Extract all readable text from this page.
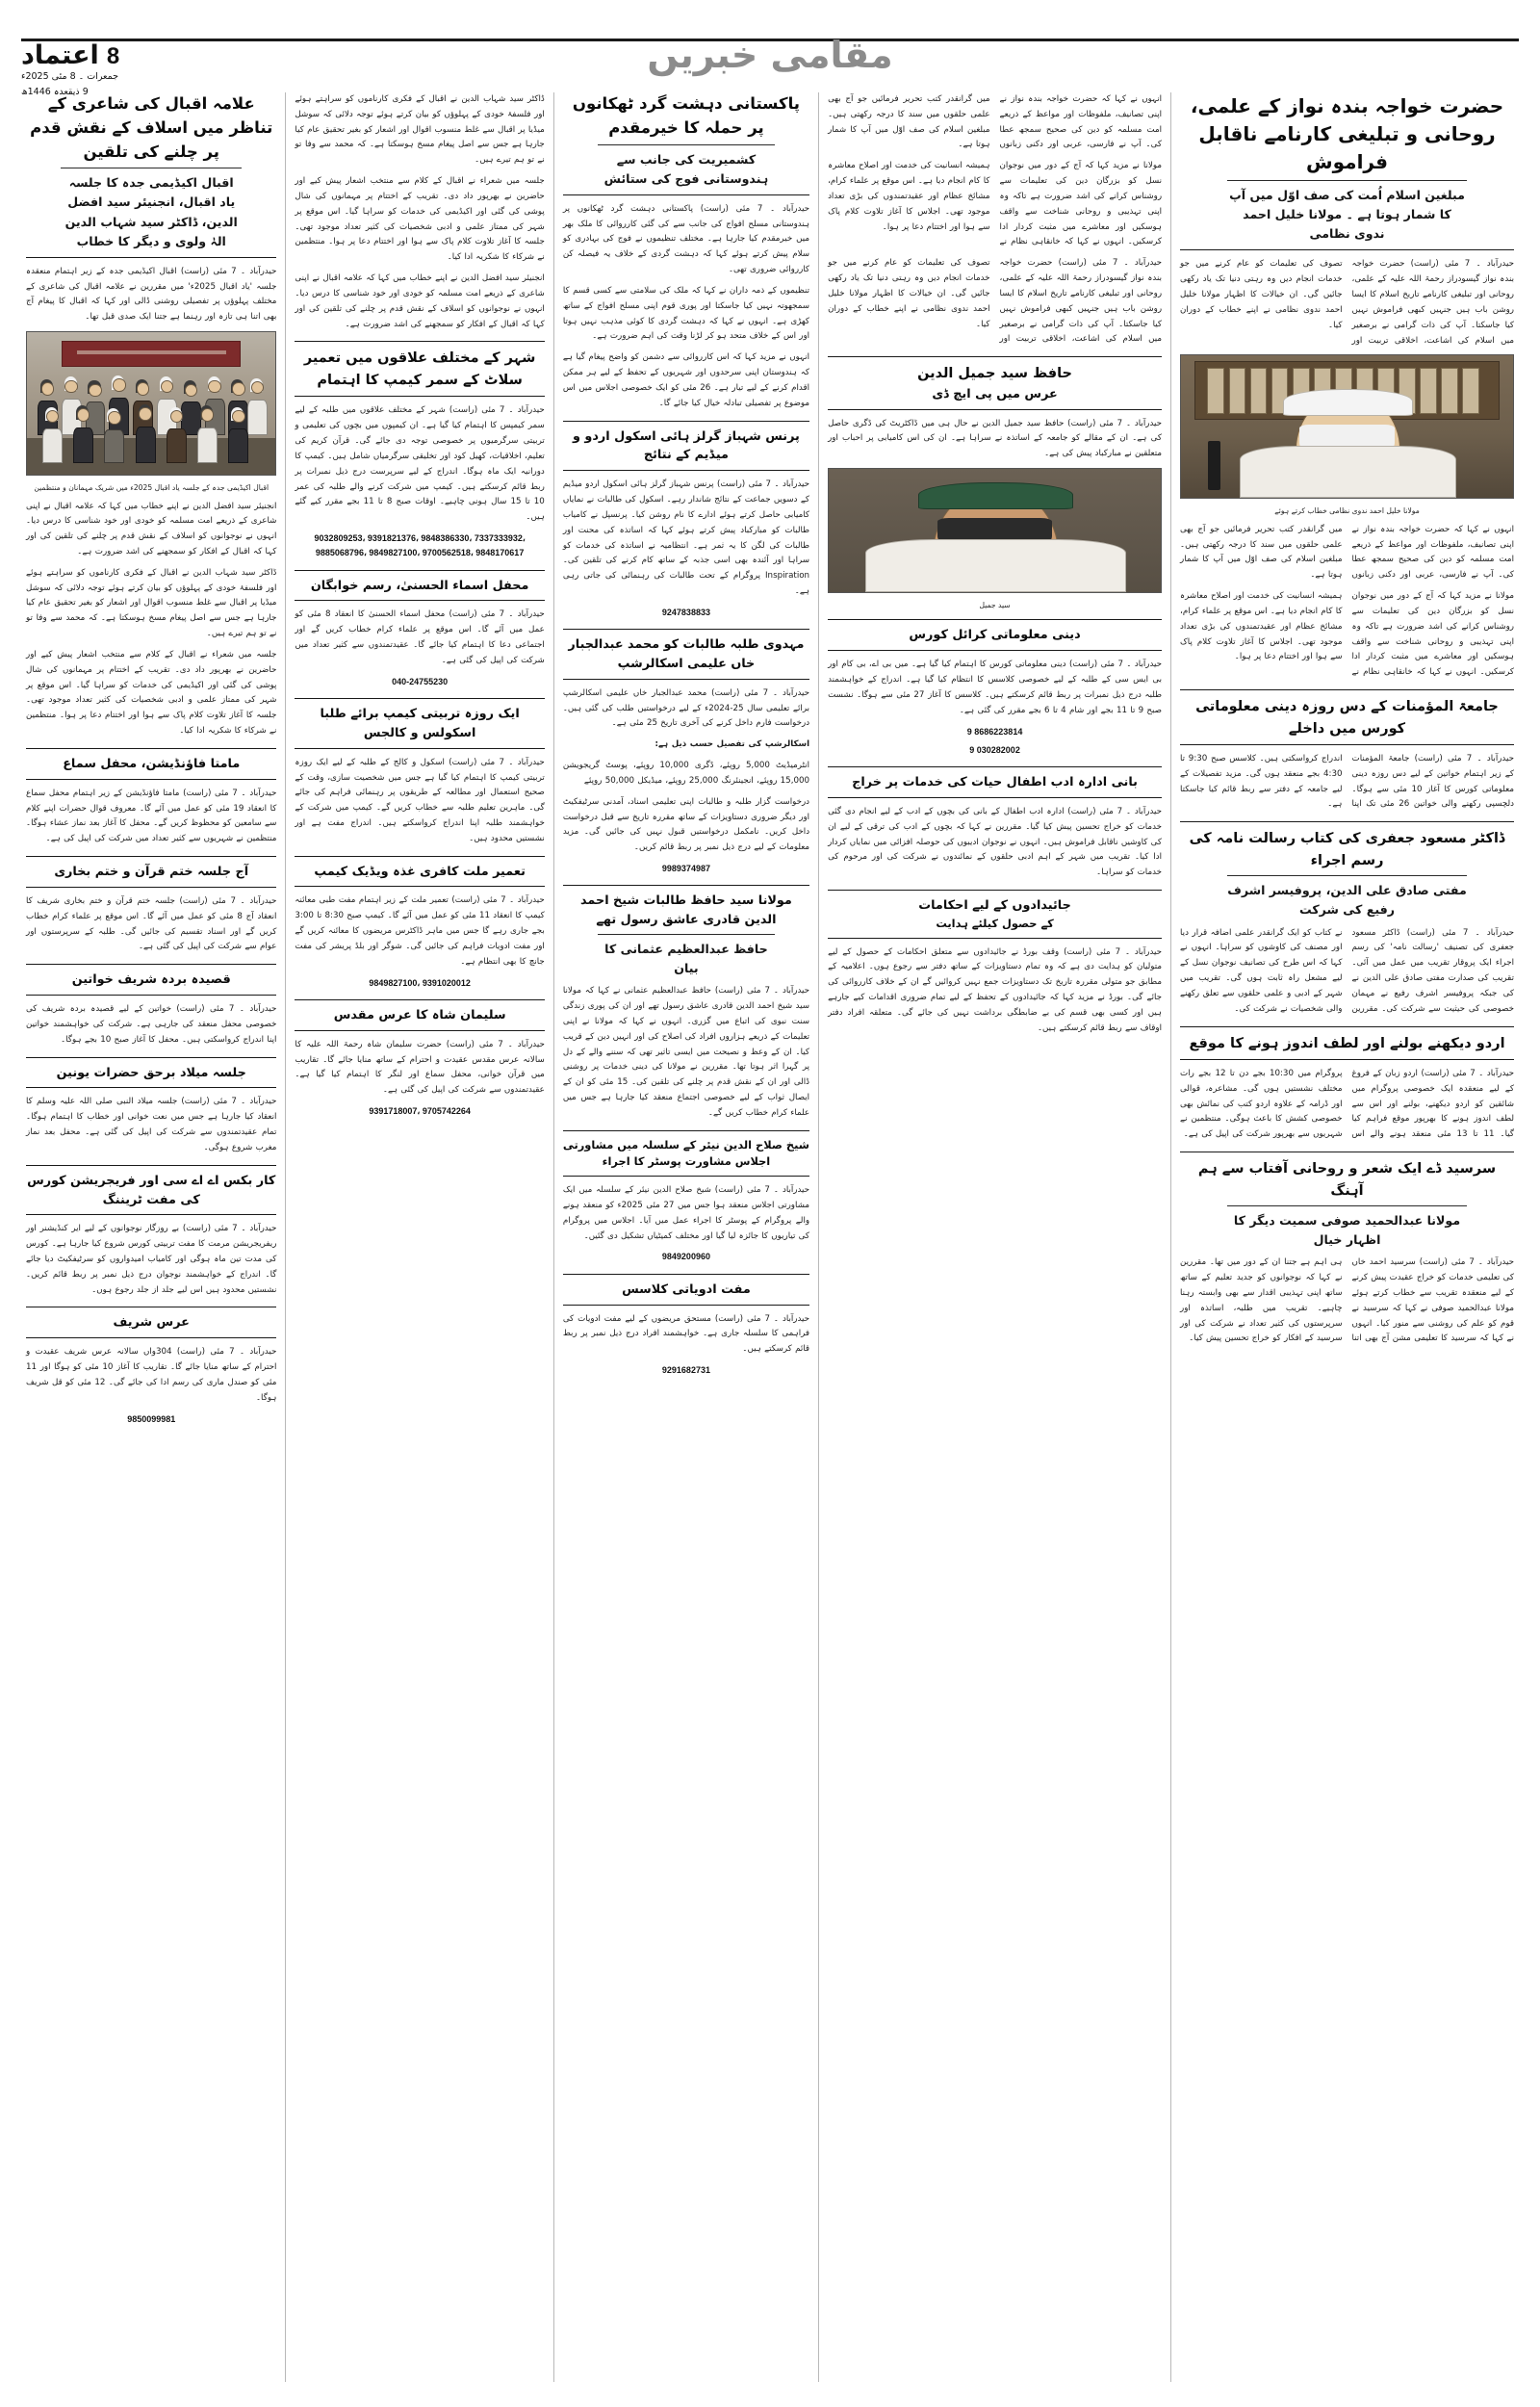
8
اعتماد
جمعرات ۔ 8 مئی 2025ء
9 ذیقعدہ 1446ھ
مقامی خبریں
حضرت خواجہ بندہ نواز کے علمی، روحانی و تبلیغی کارنامے ناقابل فراموش
مبلغین اسلام اُمت کی صف اوّل میں آپ کا شمار ہوتا ہے ۔ مولانا خلیل احمد ندوی نظامی
حیدرآباد ۔ 7 مئی (راست) حضرت خواجہ بندہ نواز گیسودراز رحمۃ اللہ علیہ کے علمی، روحانی اور تبلیغی کارنامے تاریخ اسلام کا ایسا روشن باب ہیں جنہیں کبھی فراموش نہیں کیا جاسکتا۔ آپ کی ذات گرامی نے برصغیر میں اسلام کی اشاعت، اخلاقی تربیت اور تصوف کی تعلیمات کو عام کرنے میں جو خدمات انجام دیں وہ رہتی دنیا تک یاد رکھی جائیں گی۔ ان خیالات کا اظہار مولانا خلیل احمد ندوی نظامی نے اپنے خطاب کے دوران کیا۔
مولانا خلیل احمد ندوی نظامی خطاب کرتے ہوئے
انہوں نے کہا کہ حضرت خواجہ بندہ نواز نے اپنی تصانیف، ملفوظات اور مواعظ کے ذریعے امت مسلمہ کو دین کی صحیح سمجھ عطا کی۔ آپ نے فارسی، عربی اور دکنی زبانوں میں گرانقدر کتب تحریر فرمائیں جو آج بھی علمی حلقوں میں سند کا درجہ رکھتی ہیں۔ مبلغین اسلام کی صف اوّل میں آپ کا شمار ہوتا ہے۔
مولانا نے مزید کہا کہ آج کے دور میں نوجوان نسل کو بزرگان دین کی تعلیمات سے روشناس کرانے کی اشد ضرورت ہے تاکہ وہ اپنی تہذیبی و روحانی شناخت سے واقف ہوسکیں اور معاشرے میں مثبت کردار ادا کرسکیں۔ انہوں نے کہا کہ خانقاہی نظام نے ہمیشہ انسانیت کی خدمت اور اصلاح معاشرہ کا کام انجام دیا ہے۔ اس موقع پر علماء کرام، مشائخ عظام اور عقیدتمندوں کی بڑی تعداد موجود تھی۔ اجلاس کا آغاز تلاوت کلام پاک سے ہوا اور اختتام دعا پر ہوا۔
جامعۃ المؤمنات کے دس روزہ دینی معلوماتی کورس میں داخلے
حیدرآباد ۔ 7 مئی (راست) جامعۃ المؤمنات کے زیر اہتمام خواتین کے لیے دس روزہ دینی معلوماتی کورس کا آغاز 10 مئی سے ہوگا۔ دلچسپی رکھنے والی خواتین 26 مئی تک اپنا اندراج کرواسکتی ہیں۔ کلاسس صبح 9:30 تا 4:30 بجے منعقد ہوں گی۔ مزید تفصیلات کے لیے جامعہ کے دفتر سے ربط قائم کیا جاسکتا ہے۔
ڈاکٹر مسعود جعفری کی کتاب رسالت نامہ کی رسم اجراء
مفتی صادق علی الدین، پروفیسر اشرف رفیع کی شرکت
حیدرآباد ۔ 7 مئی (راست) ڈاکٹر مسعود جعفری کی تصنیف 'رسالت نامہ' کی رسم اجراء ایک پروقار تقریب میں عمل میں آئی۔ تقریب کی صدارت مفتی صادق علی الدین نے کی جبکہ پروفیسر اشرف رفیع نے مہمان خصوصی کی حیثیت سے شرکت کی۔ مقررین نے کتاب کو ایک گرانقدر علمی اضافہ قرار دیا اور مصنف کی کاوشوں کو سراہا۔ انہوں نے کہا کہ اس طرح کی تصانیف نوجوان نسل کے لیے مشعل راہ ثابت ہوں گی۔ تقریب میں شہر کے ادبی و علمی حلقوں سے تعلق رکھنے والی شخصیات نے شرکت کی۔
اردو دیکھنے بولنے اور لطف اندوز ہونے کا موقع
حیدرآباد ۔ 7 مئی (راست) اردو زبان کے فروغ کے لیے منعقدہ ایک خصوصی پروگرام میں شائقین کو اردو دیکھنے، بولنے اور اس سے لطف اندوز ہونے کا بھرپور موقع فراہم کیا گیا۔ 11 تا 13 مئی منعقد ہونے والے اس پروگرام میں 10:30 بجے دن تا 12 بجے رات مختلف نشستیں ہوں گی۔ مشاعرہ، قوالی اور ڈرامہ کے علاوہ اردو کتب کی نمائش بھی خصوصی کشش کا باعث ہوگی۔ منتظمین نے شہریوں سے بھرپور شرکت کی اپیل کی ہے۔
سرسید ڈے ایک شعر و روحانی آفتاب سے ہم آہنگ
مولانا عبدالحمید صوفی سمیت دیگر کا اظہار خیال
حیدرآباد ۔ 7 مئی (راست) سرسید احمد خاں کی تعلیمی خدمات کو خراج عقیدت پیش کرنے کے لیے منعقدہ تقریب سے خطاب کرتے ہوئے مولانا عبدالحمید صوفی نے کہا کہ سرسید نے قوم کو علم کی روشنی سے منور کیا۔ انہوں نے کہا کہ سرسید کا تعلیمی مشن آج بھی اتنا ہی اہم ہے جتنا ان کے دور میں تھا۔ مقررین نے کہا کہ نوجوانوں کو جدید تعلیم کے ساتھ ساتھ اپنی تہذیبی اقدار سے بھی وابستہ رہنا چاہیے۔ تقریب میں طلبہ، اساتذہ اور سرپرستوں کی کثیر تعداد نے شرکت کی اور سرسید کے افکار کو خراج تحسین پیش کیا۔
انہوں نے کہا کہ حضرت خواجہ بندہ نواز نے اپنی تصانیف، ملفوظات اور مواعظ کے ذریعے امت مسلمہ کو دین کی صحیح سمجھ عطا کی۔ آپ نے فارسی، عربی اور دکنی زبانوں میں گرانقدر کتب تحریر فرمائیں جو آج بھی علمی حلقوں میں سند کا درجہ رکھتی ہیں۔ مبلغین اسلام کی صف اوّل میں آپ کا شمار ہوتا ہے۔
مولانا نے مزید کہا کہ آج کے دور میں نوجوان نسل کو بزرگان دین کی تعلیمات سے روشناس کرانے کی اشد ضرورت ہے تاکہ وہ اپنی تہذیبی و روحانی شناخت سے واقف ہوسکیں اور معاشرے میں مثبت کردار ادا کرسکیں۔ انہوں نے کہا کہ خانقاہی نظام نے ہمیشہ انسانیت کی خدمت اور اصلاح معاشرہ کا کام انجام دیا ہے۔ اس موقع پر علماء کرام، مشائخ عظام اور عقیدتمندوں کی بڑی تعداد موجود تھی۔ اجلاس کا آغاز تلاوت کلام پاک سے ہوا اور اختتام دعا پر ہوا۔
حیدرآباد ۔ 7 مئی (راست) حضرت خواجہ بندہ نواز گیسودراز رحمۃ اللہ علیہ کے علمی، روحانی اور تبلیغی کارنامے تاریخ اسلام کا ایسا روشن باب ہیں جنہیں کبھی فراموش نہیں کیا جاسکتا۔ آپ کی ذات گرامی نے برصغیر میں اسلام کی اشاعت، اخلاقی تربیت اور تصوف کی تعلیمات کو عام کرنے میں جو خدمات انجام دیں وہ رہتی دنیا تک یاد رکھی جائیں گی۔ ان خیالات کا اظہار مولانا خلیل احمد ندوی نظامی نے اپنے خطاب کے دوران کیا۔
حافظ سید جمیل الدین
عرس میں پی ایچ ڈی
حیدرآباد ۔ 7 مئی (راست) حافظ سید جمیل الدین نے حال ہی میں ڈاکٹریٹ کی ڈگری حاصل کی ہے۔ ان کے مقالے کو جامعہ کے اساتذہ نے سراہا ہے۔ ان کی اس کامیابی پر احباب اور متعلقین نے مبارکباد پیش کی ہے۔
سید جمیل
دینی معلوماتی کرائل کورس
حیدرآباد ۔ 7 مئی (راست) دینی معلوماتی کورس کا اہتمام کیا گیا ہے۔ میں بی اے، بی کام اور بی ایس سی کے طلبہ کے لیے خصوصی کلاسس کا انتظام کیا گیا ہے۔ اندراج کے خواہشمند طلبہ درج ذیل نمبرات پر ربط قائم کرسکتے ہیں۔ کلاسس کا آغاز 27 مئی سے ہوگا۔ نشست صبح 9 تا 11 بجے اور شام 4 تا 6 بجے مقرر کی گئی ہے۔
9 8686223814
9 030282002
بانی ادارہ ادب اطفال حیات کی خدمات پر خراج
حیدرآباد ۔ 7 مئی (راست) ادارہ ادب اطفال کے بانی کی بچوں کے ادب کے لیے انجام دی گئی خدمات کو خراج تحسین پیش کیا گیا۔ مقررین نے کہا کہ بچوں کے ادب کی ترقی کے لیے ان کی کاوشیں ناقابل فراموش ہیں۔ انہوں نے نوجوان ادیبوں کی حوصلہ افزائی میں نمایاں کردار ادا کیا۔ تقریب میں شہر کے اہم ادبی حلقوں کے نمائندوں نے شرکت کی اور مرحوم کی خدمات کو سراہا۔
جائیدادوں کے لیے احکامات
کے حصول کیلئے ہدایت
حیدرآباد ۔ 7 مئی (راست) وقف بورڈ نے جائیدادوں سے متعلق احکامات کے حصول کے لیے متولیان کو ہدایت دی ہے کہ وہ تمام دستاویزات کے ساتھ دفتر سے رجوع ہوں۔ اعلامیہ کے مطابق جو متولی مقررہ تاریخ تک دستاویزات جمع نہیں کروائیں گے ان کے خلاف کارروائی کی جائے گی۔ بورڈ نے مزید کہا کہ جائیدادوں کے تحفظ کے لیے تمام ضروری اقدامات کیے جارہے ہیں اور کسی بھی قسم کی بے ضابطگی برداشت نہیں کی جائے گی۔ متعلقہ افراد دفتر اوقاف سے ربط قائم کرسکتے ہیں۔
پاکستانی دہشت گرد ٹھکانوں پر حملہ کا خیرمقدم
کشمیریت کی جانب سے ہندوستانی فوج کی ستائش
حیدرآباد ۔ 7 مئی (راست) پاکستانی دہشت گرد ٹھکانوں پر ہندوستانی مسلح افواج کی جانب سے کی گئی کارروائی کا ملک بھر میں خیرمقدم کیا جارہا ہے۔ مختلف تنظیموں نے فوج کی بہادری کو سلام پیش کرتے ہوئے کہا کہ دہشت گردی کے خلاف یہ فیصلہ کن کارروائی ضروری تھی۔
تنظیموں کے ذمہ داران نے کہا کہ ملک کی سلامتی سے کسی قسم کا سمجھوتہ نہیں کیا جاسکتا اور پوری قوم اپنی مسلح افواج کے ساتھ کھڑی ہے۔ انہوں نے کہا کہ دہشت گردی کا کوئی مذہب نہیں ہوتا اور اس کے خلاف متحد ہو کر لڑنا وقت کی اہم ضرورت ہے۔
انہوں نے مزید کہا کہ اس کارروائی سے دشمن کو واضح پیغام گیا ہے کہ ہندوستان اپنی سرحدوں اور شہریوں کے تحفظ کے لیے ہر ممکن اقدام کرنے کے لیے تیار ہے۔ 26 مئی کو ایک خصوصی اجلاس میں اس موضوع پر تفصیلی تبادلہ خیال کیا جائے گا۔
پرنس شہباز گرلز ہائی اسکول اردو و میڈیم کے نتائج
حیدرآباد ۔ 7 مئی (راست) پرنس شہباز گرلز ہائی اسکول اردو میڈیم کے دسویں جماعت کے نتائج شاندار رہے۔ اسکول کی طالبات نے نمایاں کامیابی حاصل کرتے ہوئے ادارے کا نام روشن کیا۔ پرنسپل نے کامیاب طالبات کو مبارکباد پیش کرتے ہوئے کہا کہ اساتذہ کی محنت اور طالبات کی لگن کا یہ ثمر ہے۔ انتظامیہ نے اساتذہ کی خدمات کو سراہا اور آئندہ بھی اسی جذبہ کے ساتھ کام کرنے کی تلقین کی۔ Inspiration پروگرام کے تحت طالبات کی رہنمائی کی جاتی رہی ہے۔
9247838833
مہدوی طلبہ طالبات کو محمد عبدالجبار خاں علیمی اسکالرشپ
حیدرآباد ۔ 7 مئی (راست) محمد عبدالجبار خاں علیمی اسکالرشپ برائے تعلیمی سال 25-2024ء کے لیے درخواستیں طلب کی گئی ہیں۔ درخواست فارم داخل کرنے کی آخری تاریخ 25 مئی ہے۔
اسکالرشپ کی تفصیل حسب ذیل ہے:
انٹرمیڈیٹ 5,000 روپئے، ڈگری 10,000 روپئے، پوسٹ گریجویشن 15,000 روپئے، انجینئرنگ 25,000 روپئے، میڈیکل 50,000 روپئے
درخواست گزار طلبہ و طالبات اپنی تعلیمی اسناد، آمدنی سرٹیفکیٹ اور دیگر ضروری دستاویزات کے ساتھ مقررہ تاریخ سے قبل درخواست داخل کریں۔ نامکمل درخواستیں قبول نہیں کی جائیں گی۔ مزید معلومات کے لیے درج ذیل نمبر پر ربط قائم کریں۔
9989374987
مولانا سید حافظ طالبات شیخ احمد الدین قادری عاشق رسول تھے
حافظ عبدالعظیم عثمانی کا بیان
حیدرآباد ۔ 7 مئی (راست) حافظ عبدالعظیم عثمانی نے کہا کہ مولانا سید شیخ احمد الدین قادری عاشق رسول تھے اور ان کی پوری زندگی سنت نبوی کی اتباع میں گزری۔ انہوں نے کہا کہ مولانا نے اپنی تعلیمات کے ذریعے ہزاروں افراد کی اصلاح کی اور انہیں دین کے قریب کیا۔ ان کے وعظ و نصیحت میں ایسی تاثیر تھی کہ سننے والے کے دل پر گہرا اثر ہوتا تھا۔ مقررین نے مولانا کی دینی خدمات پر روشنی ڈالی اور ان کے نقش قدم پر چلنے کی تلقین کی۔ 15 مئی کو ان کے ایصال ثواب کے لیے خصوصی اجتماع منعقد کیا جارہا ہے جس میں علماء کرام خطاب کریں گے۔
شیخ صلاح الدین نیئر کے سلسلہ میں مشاورتی اجلاس مشاورت پوسٹر کا اجراء
حیدرآباد ۔ 7 مئی (راست) شیخ صلاح الدین نیئر کے سلسلہ میں ایک مشاورتی اجلاس منعقد ہوا جس میں 27 مئی 2025ء کو منعقد ہونے والے پروگرام کے پوسٹر کا اجراء عمل میں آیا۔ اجلاس میں پروگرام کی تیاریوں کا جائزہ لیا گیا اور مختلف کمیٹیاں تشکیل دی گئیں۔
9849200960
مفت ادویاتی کلاسس
حیدرآباد ۔ 7 مئی (راست) مستحق مریضوں کے لیے مفت ادویات کی فراہمی کا سلسلہ جاری ہے۔ خواہشمند افراد درج ذیل نمبر پر ربط قائم کرسکتے ہیں۔
9291682731
ڈاکٹر سید شہاب الدین نے اقبال کے فکری کارناموں کو سراہتے ہوئے اور فلسفۂ خودی کے پہلوؤں کو بیان کرتے ہوئے توجہ دلائی کہ سوشل میڈیا پر اقبال سے غلط منسوب اقوال اور اشعار کو بغیر تحقیق عام کیا جارہا ہے جس سے اصل پیغام مسخ ہوسکتا ہے۔ کہ محمد سے وفا تو نے تو ہم تیرے ہیں۔
جلسہ میں شعراء نے اقبال کے کلام سے منتخب اشعار پیش کیے اور حاضرین نے بھرپور داد دی۔ تقریب کے اختتام پر مہمانوں کی شال پوشی کی گئی اور اکیڈیمی کی خدمات کو سراہا گیا۔ اس موقع پر شہر کی ممتاز علمی و ادبی شخصیات کی کثیر تعداد موجود تھی۔ جلسہ کا آغاز تلاوت کلام پاک سے ہوا اور اختتام دعا پر ہوا۔ منتظمین نے شرکاء کا شکریہ ادا کیا۔
انجنیئر سید افضل الدین نے اپنے خطاب میں کہا کہ علامہ اقبال نے اپنی شاعری کے ذریعے امت مسلمہ کو خودی اور خود شناسی کا درس دیا۔ انہوں نے نوجوانوں کو اسلاف کے نقش قدم پر چلنے کی تلقین کی اور کہا کہ اقبال کے افکار کو سمجھنے کی اشد ضرورت ہے۔
شہر کے مختلف علاقوں میں تعمیر سلاٹ کے سمر کیمپ کا اہتمام
حیدرآباد ۔ 7 مئی (راست) شہر کے مختلف علاقوں میں طلبہ کے لیے سمر کیمپس کا اہتمام کیا گیا ہے۔ ان کیمپوں میں بچوں کی تعلیمی و تربیتی سرگرمیوں پر خصوصی توجہ دی جائے گی۔ قرآن کریم کی تعلیم، اخلاقیات، کھیل کود اور تخلیقی سرگرمیاں شامل ہیں۔ کیمپ کا دورانیہ ایک ماہ ہوگا۔ اندراج کے لیے سرپرست درج ذیل نمبرات پر ربط قائم کرسکتے ہیں۔ کیمپ میں شرکت کرنے والے طلبہ کی عمر 10 تا 15 سال ہونی چاہیے۔ اوقات صبح 8 تا 11 بجے مقرر کیے گئے ہیں۔
9032809253، 9391821376، 9848386330، 7337333932، 9885068796، 9849827100، 9700562518، 9848170617
محفل اسماء الحسنیٰ، رسم خوابگان
حیدرآباد ۔ 7 مئی (راست) محفل اسماء الحسنیٰ کا انعقاد 8 مئی کو عمل میں آئے گا۔ اس موقع پر علماء کرام خطاب کریں گے اور اجتماعی دعا کا اہتمام کیا جائے گا۔ عقیدتمندوں سے کثیر تعداد میں شرکت کی اپیل کی گئی ہے۔
040-24755230
ایک روزہ تربیتی کیمپ برائے طلبا اسکولس و کالجس
حیدرآباد ۔ 7 مئی (راست) اسکول و کالج کے طلبہ کے لیے ایک روزہ تربیتی کیمپ کا اہتمام کیا گیا ہے جس میں شخصیت سازی، وقت کے صحیح استعمال اور مطالعہ کے طریقوں پر رہنمائی فراہم کی جائے گی۔ ماہرین تعلیم طلبہ سے خطاب کریں گے۔ کیمپ میں شرکت کے خواہشمند طلبہ اپنا اندراج کرواسکتے ہیں۔ اندراج مفت ہے اور نشستیں محدود ہیں۔
تعمیر ملت کافری غذہ ویڈیک کیمپ
حیدرآباد ۔ 7 مئی (راست) تعمیر ملت کے زیر اہتمام مفت طبی معائنہ کیمپ کا انعقاد 11 مئی کو عمل میں آئے گا۔ کیمپ صبح 8:30 تا 3:00 بجے جاری رہے گا جس میں ماہر ڈاکٹرس مریضوں کا معائنہ کریں گے اور مفت ادویات فراہم کی جائیں گی۔ شوگر اور بلڈ پریشر کی مفت جانچ کا بھی انتظام ہے۔
9849827100، 9391020012
سلیمان شاہ کا عرس مقدس
حیدرآباد ۔ 7 مئی (راست) حضرت سلیمان شاہ رحمۃ اللہ علیہ کا سالانہ عرس مقدس عقیدت و احترام کے ساتھ منایا جائے گا۔ تقاریب میں قرآن خوانی، محفل سماع اور لنگر کا اہتمام کیا گیا ہے۔ عقیدتمندوں سے شرکت کی اپیل کی گئی ہے۔
9391718007، 9705742264
علامہ اقبال کی شاعری کے تناظر میں اسلاف کے نقش قدم پر چلنے کی تلقین
اقبال اکیڈیمی جدہ کا جلسہ یاد اقبال، انجنیئر سید افضل الدین، ڈاکٹر سید شہاب الدین الہٰ ولوی و دیگر کا خطاب
حیدرآباد ۔ 7 مئی (راست) اقبال اکیڈیمی جدہ کے زیر اہتمام منعقدہ جلسہ 'یاد اقبال 2025ء' میں مقررین نے علامہ اقبال کی شاعری کے مختلف پہلوؤں پر تفصیلی روشنی ڈالی اور کہا کہ اقبال کا پیغام آج بھی اتنا ہی تازہ اور رہنما ہے جتنا ایک صدی قبل تھا۔
اقبال اکیڈیمی جدہ کے جلسہ یاد اقبال 2025ء میں شریک مہمانان و منتظمین
انجنیئر سید افضل الدین نے اپنے خطاب میں کہا کہ علامہ اقبال نے اپنی شاعری کے ذریعے امت مسلمہ کو خودی اور خود شناسی کا درس دیا۔ انہوں نے نوجوانوں کو اسلاف کے نقش قدم پر چلنے کی تلقین کی اور کہا کہ اقبال کے افکار کو سمجھنے کی اشد ضرورت ہے۔
ڈاکٹر سید شہاب الدین نے اقبال کے فکری کارناموں کو سراہتے ہوئے اور فلسفۂ خودی کے پہلوؤں کو بیان کرتے ہوئے توجہ دلائی کہ سوشل میڈیا پر اقبال سے غلط منسوب اقوال اور اشعار کو بغیر تحقیق عام کیا جارہا ہے جس سے اصل پیغام مسخ ہوسکتا ہے۔ کہ محمد سے وفا تو نے تو ہم تیرے ہیں۔
جلسہ میں شعراء نے اقبال کے کلام سے منتخب اشعار پیش کیے اور حاضرین نے بھرپور داد دی۔ تقریب کے اختتام پر مہمانوں کی شال پوشی کی گئی اور اکیڈیمی کی خدمات کو سراہا گیا۔ اس موقع پر شہر کی ممتاز علمی و ادبی شخصیات کی کثیر تعداد موجود تھی۔ جلسہ کا آغاز تلاوت کلام پاک سے ہوا اور اختتام دعا پر ہوا۔ منتظمین نے شرکاء کا شکریہ ادا کیا۔
مامتا فاؤنڈیشن، محفل سماع
حیدرآباد ۔ 7 مئی (راست) مامتا فاؤنڈیشن کے زیر اہتمام محفل سماع کا انعقاد 19 مئی کو عمل میں آئے گا۔ معروف قوال حضرات اپنے کلام سے سامعین کو محظوظ کریں گے۔ محفل کا آغاز بعد نماز عشاء ہوگا۔ منتظمین نے شہریوں سے کثیر تعداد میں شرکت کی اپیل کی ہے۔
آج جلسہ ختم قرآن و ختم بخاری
حیدرآباد ۔ 7 مئی (راست) جلسہ ختم قرآن و ختم بخاری شریف کا انعقاد آج 8 مئی کو عمل میں آئے گا۔ اس موقع پر علماء کرام خطاب کریں گے اور اسناد تقسیم کی جائیں گی۔ طلبہ کے سرپرستوں اور عوام سے شرکت کی اپیل کی گئی ہے۔
قصیدہ بردہ شریف خواتین
حیدرآباد ۔ 7 مئی (راست) خواتین کے لیے قصیدہ بردہ شریف کی خصوصی محفل منعقد کی جارہی ہے۔ شرکت کی خواہشمند خواتین اپنا اندراج کرواسکتی ہیں۔ محفل کا آغاز صبح 10 بجے ہوگا۔
جلسہ میلاد برحق حضرات یونین
حیدرآباد ۔ 7 مئی (راست) جلسہ میلاد النبی صلی اللہ علیہ وسلم کا انعقاد کیا جارہا ہے جس میں نعت خوانی اور خطاب کا اہتمام ہوگا۔ تمام عقیدتمندوں سے شرکت کی اپیل کی گئی ہے۔ محفل بعد نماز مغرب شروع ہوگی۔
کار بکس اے اے سی اور فریجریشن کورس کی مفت ٹریننگ
حیدرآباد ۔ 7 مئی (راست) بے روزگار نوجوانوں کے لیے ایر کنڈیشنر اور ریفریجریشن مرمت کا مفت تربیتی کورس شروع کیا جارہا ہے۔ کورس کی مدت تین ماہ ہوگی اور کامیاب امیدواروں کو سرٹیفکیٹ دیا جائے گا۔ اندراج کے خواہشمند نوجوان درج ذیل نمبر پر ربط قائم کریں۔ نشستیں محدود ہیں اس لیے جلد از جلد رجوع ہوں۔
عرس شریف
حیدرآباد ۔ 7 مئی (راست) 304واں سالانہ عرس شریف عقیدت و احترام کے ساتھ منایا جائے گا۔ تقاریب کا آغاز 10 مئی کو ہوگا اور 11 مئی کو صندل ماری کی رسم ادا کی جائے گی۔ 12 مئی کو قل شریف ہوگا۔
9850099981
